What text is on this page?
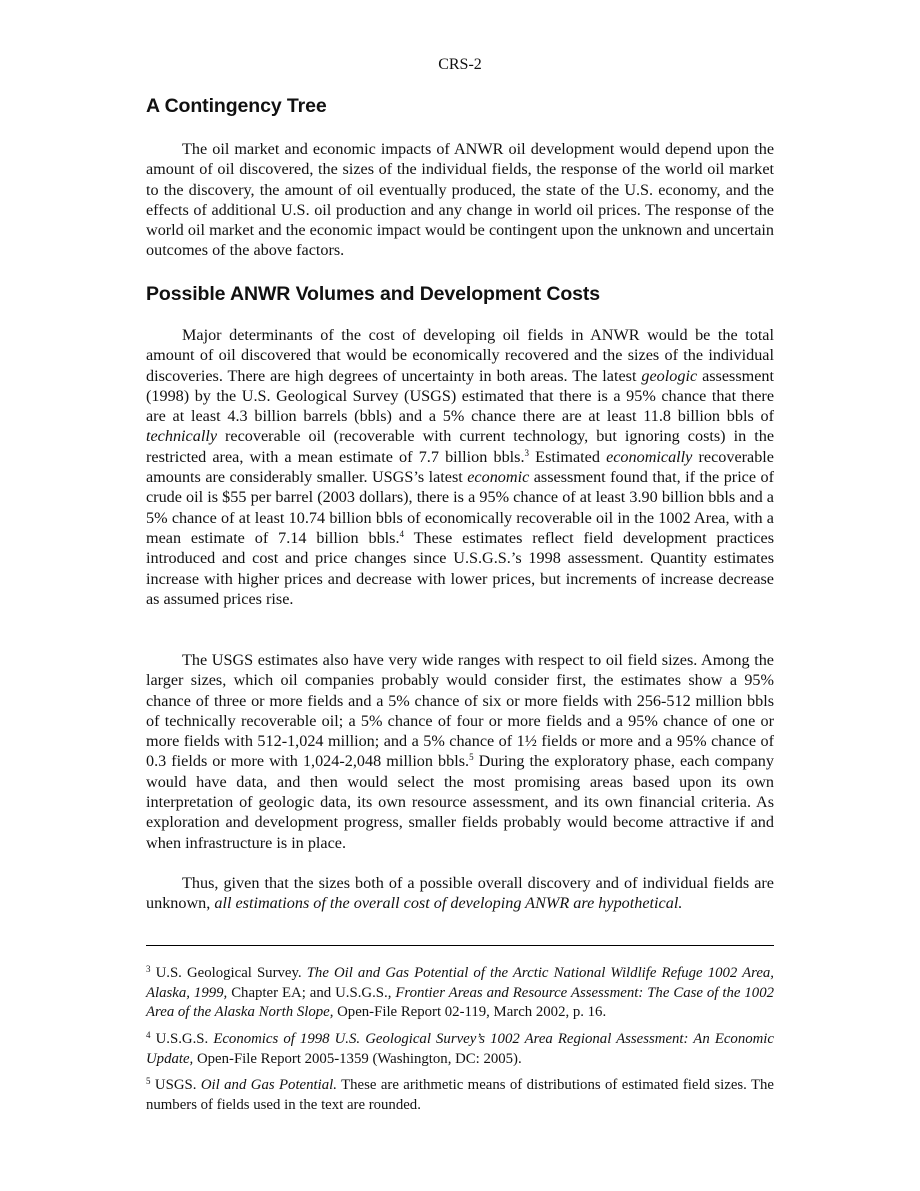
CRS-2
A Contingency Tree

The oil market and economic impacts of ANWR oil development would depend upon the amount of oil discovered, the sizes of the individual fields, the response of the world oil market to the discovery, the amount of oil eventually produced, the state of the U.S. economy, and the effects of additional U.S. oil production and any change in world oil prices. The response of the world oil market and the economic impact would be contingent upon the unknown and uncertain outcomes of the above factors.

Possible ANWR Volumes and Development Costs

Major determinants of the cost of developing oil fields in ANWR would be the total amount of oil discovered that would be economically recovered and the sizes of the individual discoveries. There are high degrees of uncertainty in both areas. The latest geologic assessment (1998) by the U.S. Geological Survey (USGS) estimated that there is a 95% chance that there are at least 4.3 billion barrels (bbls) and a 5% chance there are at least 11.8 billion bbls of technically recoverable oil (recoverable with current technology, but ignoring costs) in the restricted area, with a mean estimate of 7.7 billion bbls.$^3$ Estimated economically recoverable amounts are considerably smaller. USGS’s latest economic assessment found that, if the price of crude oil is $55 per barrel (2003 dollars), there is a 95% chance of at least 3.90 billion bbls and a 5% chance of at least 10.74 billion bbls of economically recoverable oil in the 1002 Area, with a mean estimate of 7.14 billion bbls.$^4$ These estimates reflect field development practices introduced and cost and price changes since U.S.G.S.’s 1998 assessment. Quantity estimates increase with higher prices and decrease with lower prices, but increments of increase decrease as assumed prices rise.

The USGS estimates also have very wide ranges with respect to oil field sizes. Among the larger sizes, which oil companies probably would consider first, the estimates show a 95% chance of three or more fields and a 5% chance of six or more fields with 256-512 million bbls of technically recoverable oil; a 5% chance of four or more fields and a 95% chance of one or more fields with 512-1,024 million; and a 5% chance of 1½ fields or more and a 95% chance of 0.3 fields or more with 1,024-2,048 million bbls.$^5$ During the exploratory phase, each company would have data, and then would select the most promising areas based upon its own interpretation of geologic data, its own resource assessment, and its own financial criteria. As exploration and development progress, smaller fields probably would become attractive if and when infrastructure is in place.

Thus, given that the sizes both of a possible overall discovery and of individual fields are unknown, all estimations of the overall cost of developing ANWR are hypothetical.

$^3$ U.S. Geological Survey. The Oil and Gas Potential of the Arctic National Wildlife Refuge 1002 Area, Alaska, 1999, Chapter EA; and U.S.G.S., Frontier Areas and Resource Assessment: The Case of the 1002 Area of the Alaska North Slope, Open-File Report 02-119, March 2002, p. 16.

$^4$ U.S.G.S. Economics of 1998 U.S. Geological Survey’s 1002 Area Regional Assessment: An Economic Update, Open-File Report 2005-1359 (Washington, DC: 2005).

$^5$ USGS. Oil and Gas Potential. These are arithmetic means of distributions of estimated field sizes. The numbers of fields used in the text are rounded.
